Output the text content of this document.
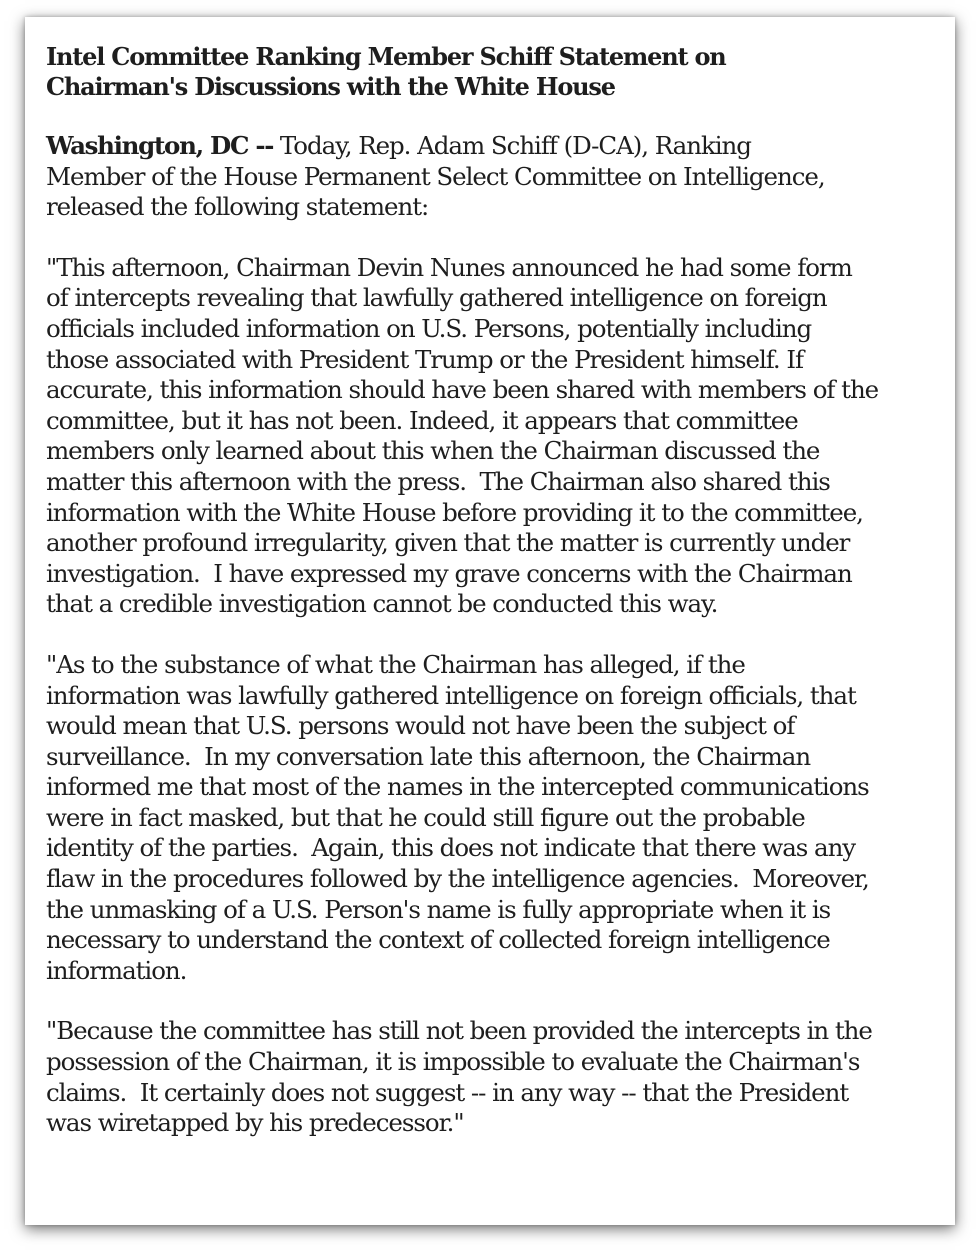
Intel Committee Ranking Member Schiff Statement on
Chairman's Discussions with the White House
Washington, DC -- Today, Rep. Adam Schiff (D-CA), Ranking
Member of the House Permanent Select Committee on Intelligence,
released the following statement:
"This afternoon, Chairman Devin Nunes announced he had some form
of intercepts revealing that lawfully gathered intelligence on foreign
officials included information on U.S. Persons, potentially including
those associated with President Trump or the President himself. If
accurate, this information should have been shared with members of the
committee, but it has not been. Indeed, it appears that committee
members only learned about this when the Chairman discussed the
matter this afternoon with the press.  The Chairman also shared this
information with the White House before providing it to the committee,
another profound irregularity, given that the matter is currently under
investigation.  I have expressed my grave concerns with the Chairman
that a credible investigation cannot be conducted this way.
"As to the substance of what the Chairman has alleged, if the
information was lawfully gathered intelligence on foreign officials, that
would mean that U.S. persons would not have been the subject of
surveillance.  In my conversation late this afternoon, the Chairman
informed me that most of the names in the intercepted communications
were in fact masked, but that he could still figure out the probable
identity of the parties.  Again, this does not indicate that there was any
flaw in the procedures followed by the intelligence agencies.  Moreover,
the unmasking of a U.S. Person's name is fully appropriate when it is
necessary to understand the context of collected foreign intelligence
information.
"Because the committee has still not been provided the intercepts in the
possession of the Chairman, it is impossible to evaluate the Chairman's
claims.  It certainly does not suggest -- in any way -- that the President
was wiretapped by his predecessor."
